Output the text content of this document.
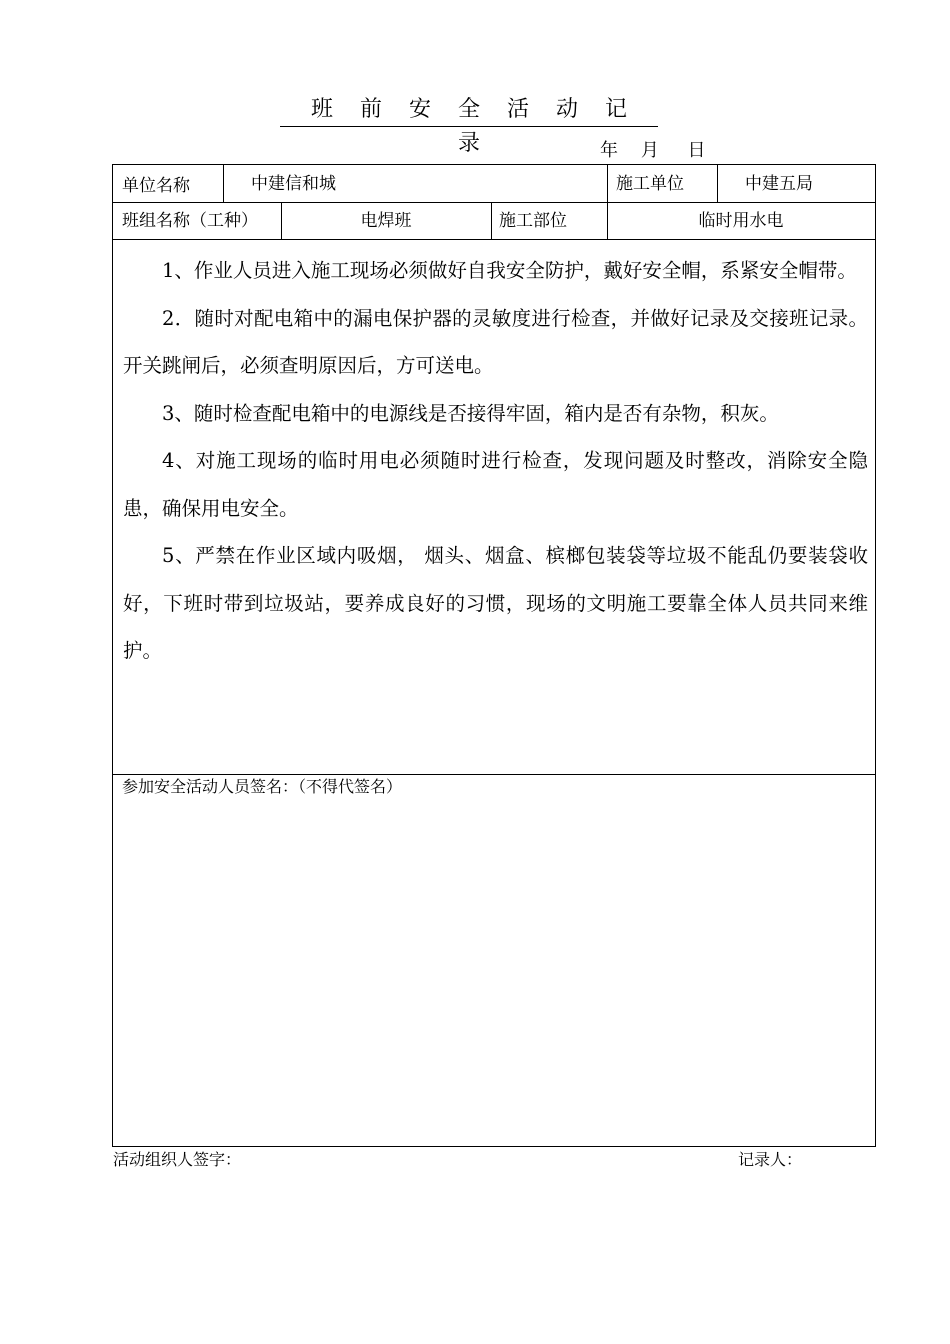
班 前 安 全 活 动 记 录	年    月     日
单位名称	中建信和城	施工单位	中建五局
班组名称（工种）	电焊班	施工部位	临时用水电

1、作业人员进入施工现场必须做好自我安全防护，戴好安全帽，系紧安全帽带。

2．随时对配电箱中的漏电保护器的灵敏度进行检查，并做好记录及交接班记录。开关跳闸后，必须查明原因后，方可送电。

3、随时检查配电箱中的电源线是否接得牢固，箱内是否有杂物，积灰。

4、对施工现场的临时用电必须随时进行检查，发现问题及时整改，消除安全隐患，确保用电安全。

5、严禁在作业区域内吸烟， 烟头、烟盒、槟榔包装袋等垃圾不能乱仍要装袋收好，下班时带到垃圾站，要养成良好的习惯，现场的文明施工要靠全体人员共同来维护。

参加安全活动人员签名：（不得代签名）
活动组织人签字：	记录人：
